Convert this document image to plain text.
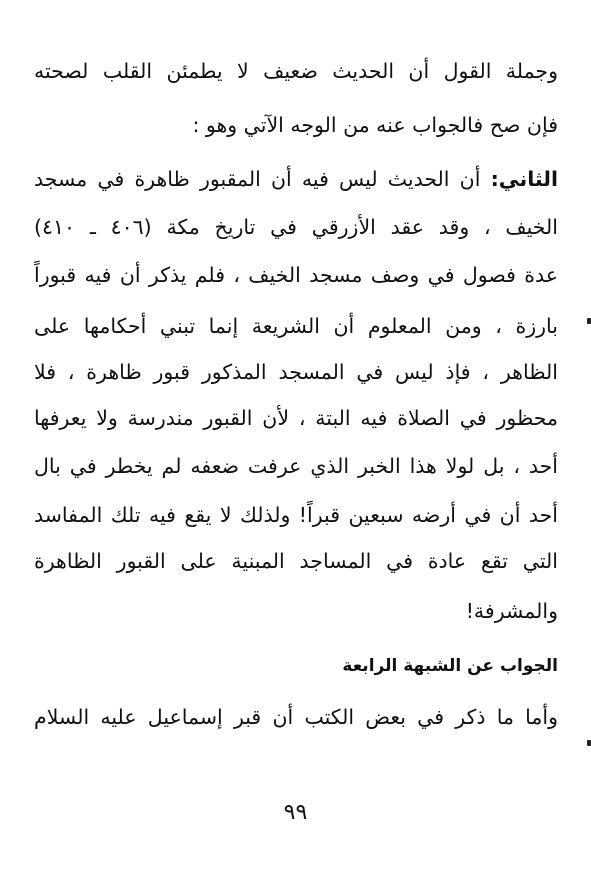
وجملة القول أن الحديث ضعيف لا يطمئن القلب لصحته
فإن صح فالجواب عنه من الوجه الآتي وهو :
الثاني: أن الحديث ليس فيه أن المقبور ظاهرة في مسجد
الخيف ، وقد عقد الأزرقي في تاريخ مكة (٤٠٦ ـ ٤١٠)
عدة فصول في وصف مسجد الخيف ، فلم يذكر أن فيه قبوراً
بارزة ، ومن المعلوم أن الشريعة إنما تبني أحكامها على
الظاهر ، فإذ ليس في المسجد المذكور قبور ظاهرة ، فلا
محظور في الصلاة فيه البتة ، لأن القبور مندرسة ولا يعرفها
أحد ، بل لولا هذا الخبر الذي عرفت ضعفه لم يخطر في بال
أحد أن في أرضه سبعين قبراً! ولذلك لا يقع فيه تلك المفاسد
التي تقع عادة في المساجد المبنية على القبور الظاهرة
والمشرفة!
الجواب عن الشبهة الرابعة
وأما ما ذكر في بعض الكتب أن قبر إسماعيل عليه السلام
٩٩
